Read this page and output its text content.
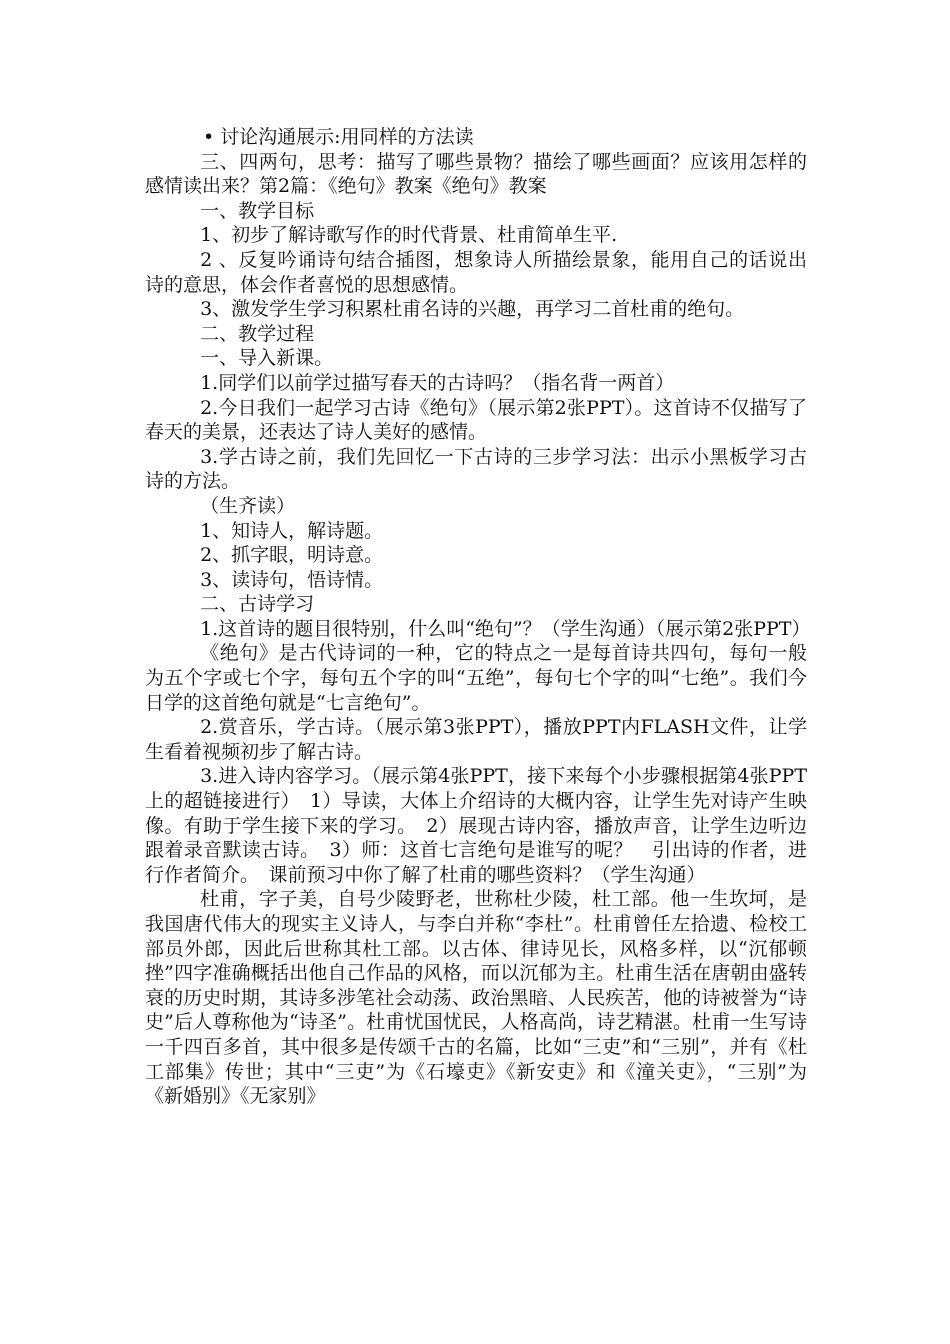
• 讨论沟通展示:用同样的方法读

三、四两句，思考：描写了哪些景物？描绘了哪些画面？应该用怎样的感情读出来？第2篇：《绝句》教案《绝句》教案

一、教学目标

1、初步了解诗歌写作的时代背景、杜甫简单生平.

2 、反复吟诵诗句结合插图，想象诗人所描绘景象，能用自己的话说出诗的意思，体会作者喜悦的思想感情。

3、激发学生学习积累杜甫名诗的兴趣，再学习二首杜甫的绝句。

二、教学过程

一、导入新课。

1.同学们以前学过描写春天的古诗吗？（指名背一两首）

2.今日我们一起学习古诗《绝句》（展示第2张PPT）。这首诗不仅描写了春天的美景，还表达了诗人美好的感情。

3.学古诗之前，我们先回忆一下古诗的三步学习法：出示小黑板学习古诗的方法。

（生齐读）

1、知诗人，解诗题。

2、抓字眼，明诗意。

3、读诗句，悟诗情。

二、古诗学习

1.这首诗的题目很特别，什么叫“绝句”？（学生沟通）（展示第2张PPT）

《绝句》是古代诗词的一种，它的特点之一是每首诗共四句，每句一般为五个字或七个字，每句五个字的叫“五绝”，每句七个字的叫“七绝”。我们今日学的这首绝句就是“七言绝句”。

2.赏音乐，学古诗。（展示第3张PPT），播放PPT内FLASH文件，让学生看着视频初步了解古诗。

3.进入诗内容学习。（展示第4张PPT，接下来每个小步骤根据第4张PPT上的超链接进行）　1）导读，大体上介绍诗的大概内容，让学生先对诗产生映像。有助于学生接下来的学习。　2）展现古诗内容，播放声音，让学生边听边跟着录音默读古诗。　3）师：这首七言绝句是谁写的呢？　引出诗的作者，进行作者简介。　课前预习中你了解了杜甫的哪些资料？（学生沟通）

杜甫，字子美，自号少陵野老，世称杜少陵，杜工部。他一生坎坷，是我国唐代伟大的现实主义诗人，与李白并称“李杜”。杜甫曾任左拾遗、检校工部员外郎，因此后世称其杜工部。以古体、律诗见长，风格多样，以“沉郁顿挫”四字准确概括出他自己作品的风格，而以沉郁为主。杜甫生活在唐朝由盛转衰的历史时期，其诗多涉笔社会动荡、政治黑暗、人民疾苦，他的诗被誉为“诗史”后人尊称他为“诗圣”。杜甫忧国忧民，人格高尚，诗艺精湛。杜甫一生写诗一千四百多首，其中很多是传颂千古的名篇，比如“三吏”和“三别”，并有《杜工部集》传世；其中“三吏”为《石壕吏》《新安吏》和《潼关吏》，“三别”为《新婚别》《无家别》
